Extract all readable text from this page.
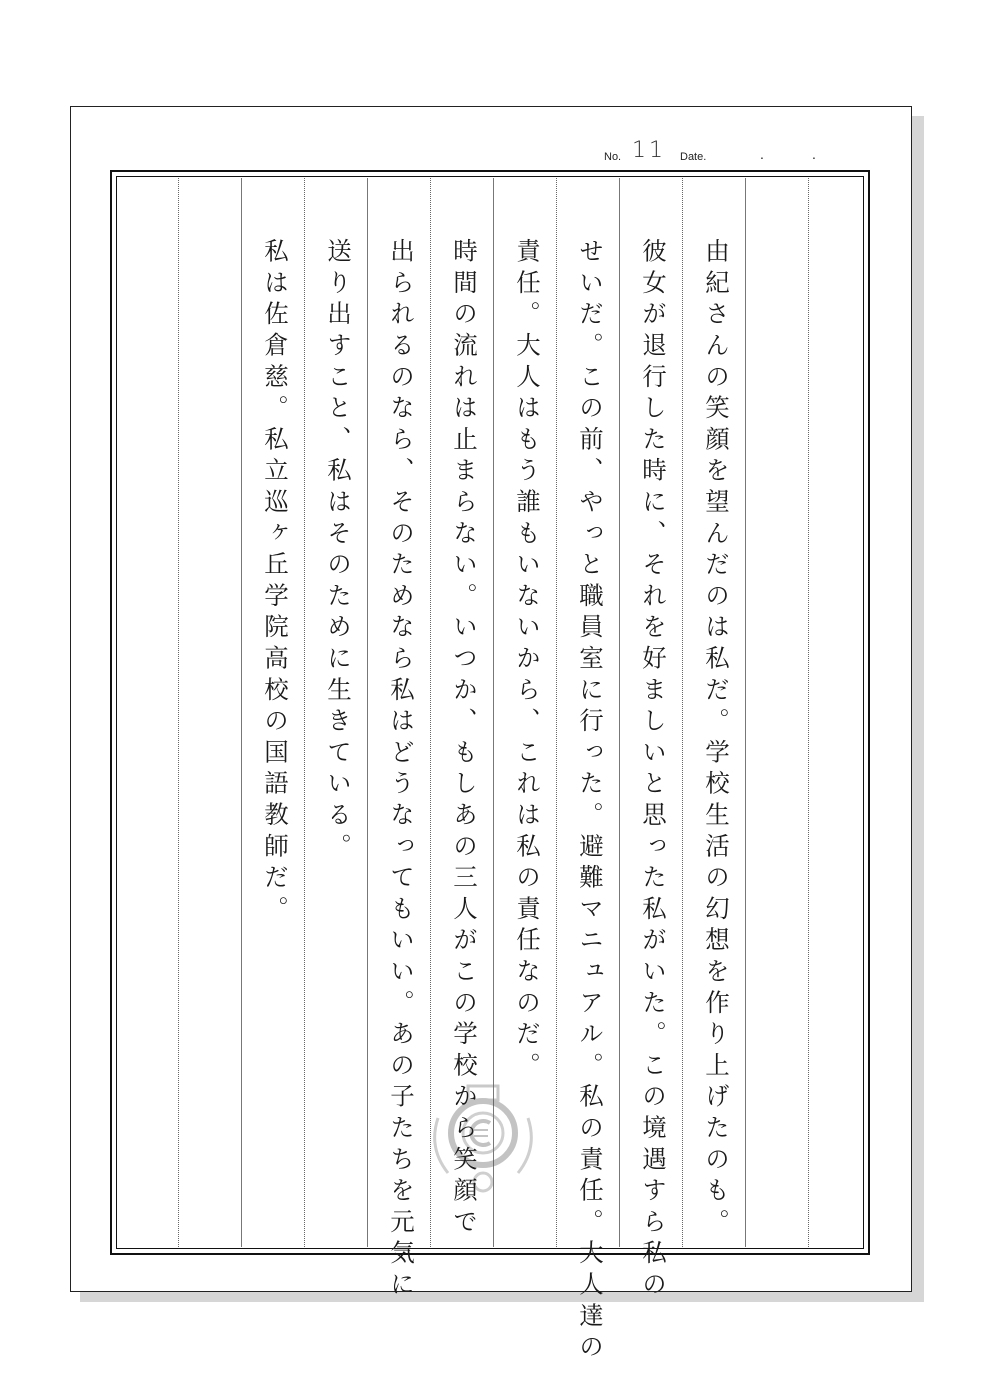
No. 11 Date.	.	.
由紀さんの笑顔を望んだのは私だ。学校生活の幻想を作り上げたのも。
彼女が退行した時に、それを好ましいと思った私がいた。この境遇すら私の
せいだ。この前、やっと職員室に行った。避難マニュアル。私の責任。大人達の
責任。大人はもう誰もいないから、これは私の責任なのだ。
時間の流れは止まらない。いつか、もしあの三人がこの学校から笑顔で
出られるのなら、そのためなら私はどうなってもいい。あの子たちを元気に
送り出すこと、私はそのために生きている。
私は佐倉慈。私立巡ヶ丘学院高校の国語教師だ。
